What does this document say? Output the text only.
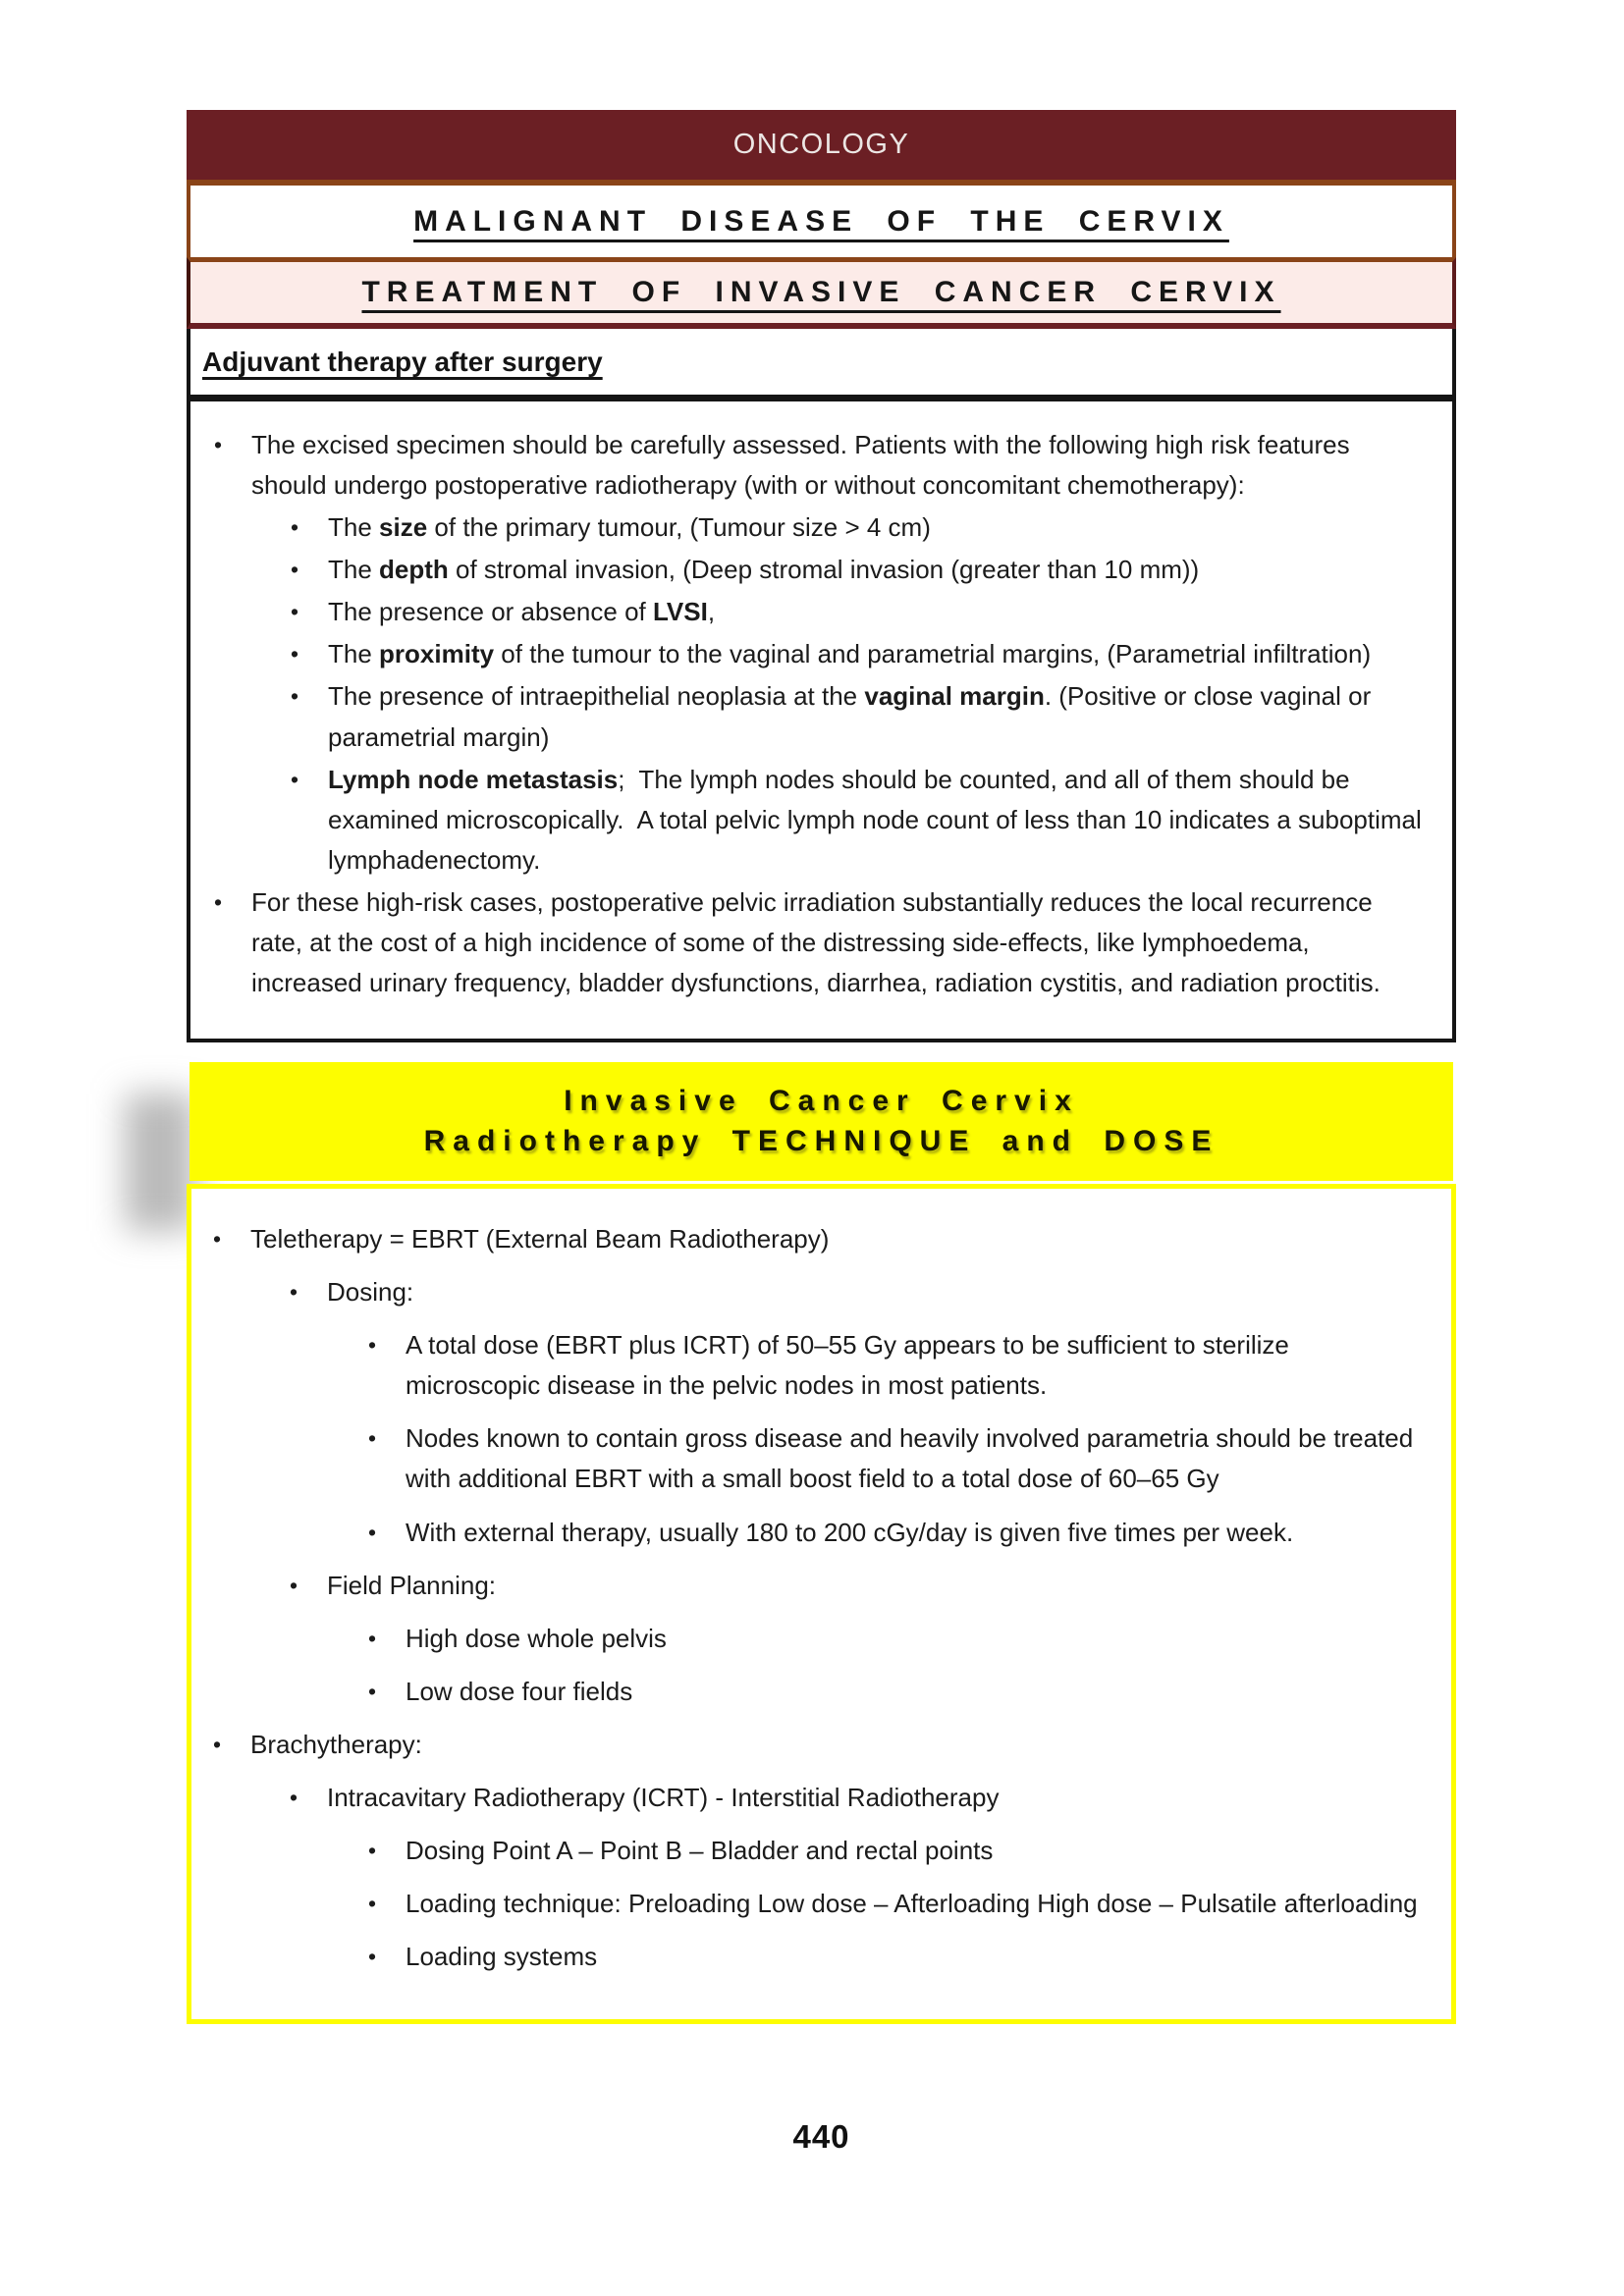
ONCOLOGY
MALIGNANT DISEASE OF THE CERVIX
TREATMENT OF INVASIVE CANCER CERVIX
Adjuvant therapy after surgery
•	The excised specimen should be carefully assessed. Patients with the following high risk features should undergo postoperative radiotherapy (with or without concomitant chemotherapy):
•	The size of the primary tumour, (Tumour size > 4 cm)
•	The depth of stromal invasion, (Deep stromal invasion (greater than 10 mm))
•	The presence or absence of LVSI,
•	The proximity of the tumour to the vaginal and parametrial margins, (Parametrial infiltration)
•	The presence of intraepithelial neoplasia at the vaginal margin. (Positive or close vaginal or parametrial margin)
•	Lymph node metastasis;  The lymph nodes should be counted, and all of them should be examined microscopically.  A total pelvic lymph node count of less than 10 indicates a suboptimal lymphadenectomy.
•	For these high-risk cases, postoperative pelvic irradiation substantially reduces the local recurrence rate, at the cost of a high incidence of some of the distressing side-effects, like lymphoedema, increased urinary frequency, bladder dysfunctions, diarrhea, radiation cystitis, and radiation proctitis.
Invasive Cancer Cervix
Radiotherapy TECHNIQUE and DOSE
•	Teletherapy = EBRT (External Beam Radiotherapy)
•	Dosing:
•	A total dose (EBRT plus ICRT) of 50–55 Gy appears to be sufficient to sterilize microscopic disease in the pelvic nodes in most patients.
•	Nodes known to contain gross disease and heavily involved parametria should be treated with additional EBRT with a small boost field to a total dose of 60–65 Gy
•	With external therapy, usually 180 to 200 cGy/day is given five times per week.
•	Field Planning:
•	High dose whole pelvis
•	Low dose four fields
•	Brachytherapy:
•	Intracavitary Radiotherapy (ICRT) - Interstitial Radiotherapy
•	Dosing Point A – Point B – Bladder and rectal points
•	Loading technique: Preloading Low dose – Afterloading High dose – Pulsatile afterloading
•	Loading systems
440
